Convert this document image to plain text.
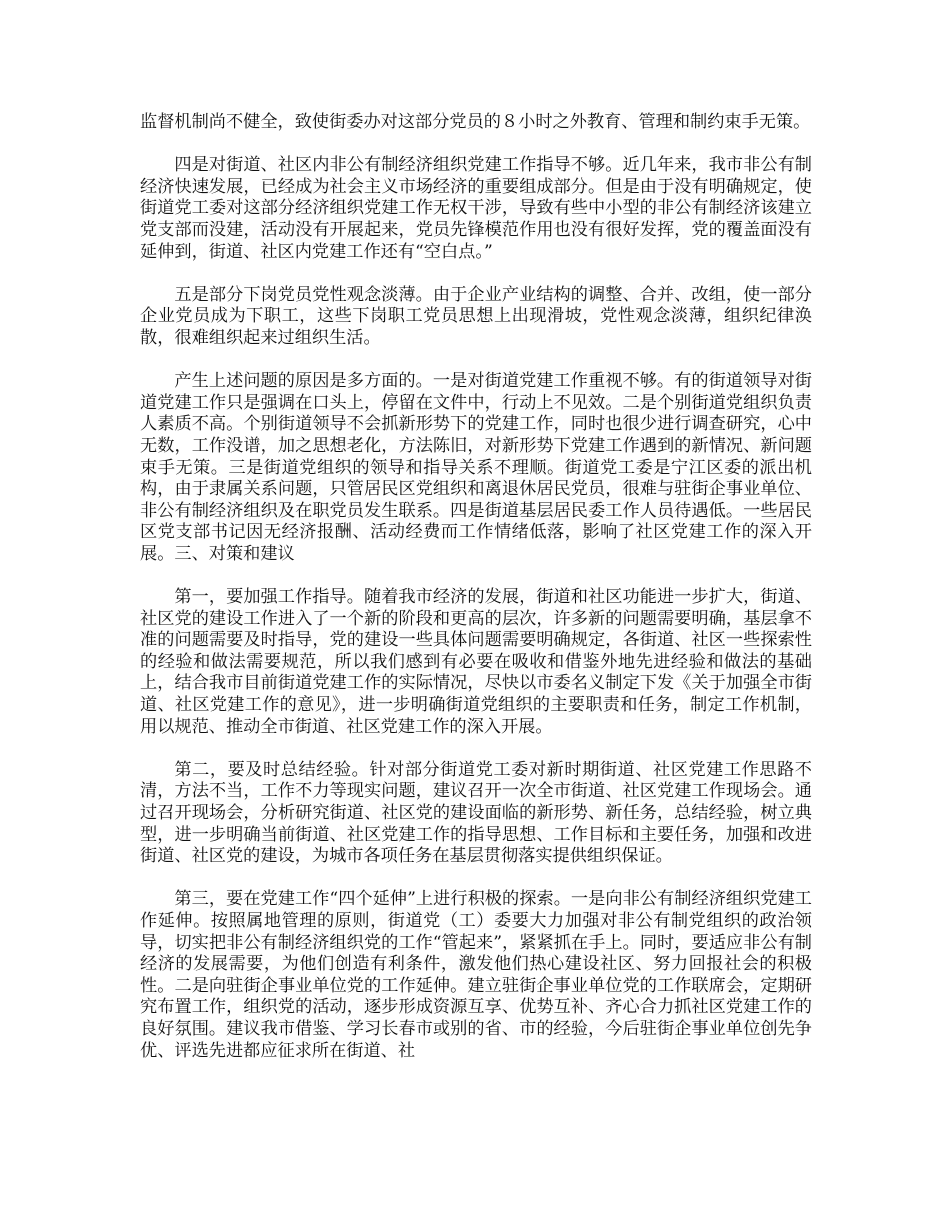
监督机制尚不健全，致使街委办对这部分党员的８小时之外教育、管理和制约束手无策。

四是对街道、社区内非公有制经济组织党建工作指导不够。近几年来，我市非公有制经济快速发展，已经成为社会主义市场经济的重要组成部分。但是由于没有明确规定，使街道党工委对这部分经济组织党建工作无权干涉，导致有些中小型的非公有制经济该建立党支部而没建，活动没有开展起来，党员先锋模范作用也没有很好发挥，党的覆盖面没有延伸到，街道、社区内党建工作还有“空白点。”

五是部分下岗党员党性观念淡薄。由于企业产业结构的调整、合并、改组，使一部分企业党员成为下职工，这些下岗职工党员思想上出现滑坡，党性观念淡薄，组织纪律涣散，很难组织起来过组织生活。

产生上述问题的原因是多方面的。一是对街道党建工作重视不够。有的街道领导对街道党建工作只是强调在口头上，停留在文件中，行动上不见效。二是个别街道党组织负责人素质不高。个别街道领导不会抓新形势下的党建工作，同时也很少进行调查研究，心中无数，工作没谱，加之思想老化，方法陈旧，对新形势下党建工作遇到的新情况、新问题束手无策。三是街道党组织的领导和指导关系不理顺。街道党工委是宁江区委的派出机构，由于隶属关系问题，只管居民区党组织和离退休居民党员，很难与驻街企事业单位、非公有制经济组织及在职党员发生联系。四是街道基层居民委工作人员待遇低。一些居民区党支部书记因无经济报酬、活动经费而工作情绪低落，影响了社区党建工作的深入开展。三、对策和建议

第一，要加强工作指导。随着我市经济的发展，街道和社区功能进一步扩大，街道、社区党的建设工作进入了一个新的阶段和更高的层次，许多新的问题需要明确，基层拿不准的问题需要及时指导，党的建设一些具体问题需要明确规定，各街道、社区一些探索性的经验和做法需要规范，所以我们感到有必要在吸收和借鉴外地先进经验和做法的基础上，结合我市目前街道党建工作的实际情况，尽快以市委名义制定下发《关于加强全市街道、社区党建工作的意见》，进一步明确街道党组织的主要职责和任务，制定工作机制，用以规范、推动全市街道、社区党建工作的深入开展。

第二，要及时总结经验。针对部分街道党工委对新时期街道、社区党建工作思路不清，方法不当，工作不力等现实问题，建议召开一次全市街道、社区党建工作现场会。通过召开现场会，分析研究街道、社区党的建设面临的新形势、新任务，总结经验，树立典型，进一步明确当前街道、社区党建工作的指导思想、工作目标和主要任务，加强和改进街道、社区党的建设，为城市各项任务在基层贯彻落实提供组织保证。

第三，要在党建工作“四个延伸”上进行积极的探索。一是向非公有制经济组织党建工作延伸。按照属地管理的原则，街道党（工）委要大力加强对非公有制党组织的政治领导，切实把非公有制经济组织党的工作“管起来”，紧紧抓在手上。同时，要适应非公有制经济的发展需要，为他们创造有利条件，激发他们热心建设社区、努力回报社会的积极性。二是向驻街企事业单位党的工作延伸。建立驻街企事业单位党的工作联席会，定期研究布置工作，组织党的活动，逐步形成资源互享、优势互补、齐心合力抓社区党建工作的良好氛围。建议我市借鉴、学习长春市或别的省、市的经验，今后驻街企事业单位创先争优、评选先进都应征求所在街道、社
